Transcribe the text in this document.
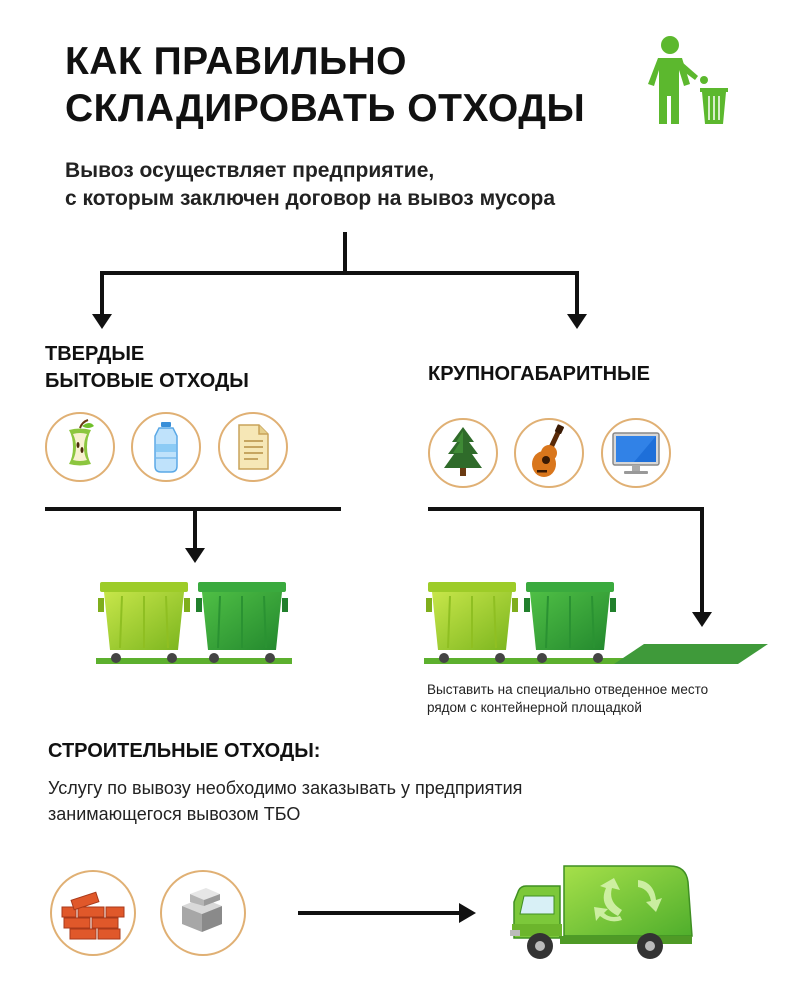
КАК ПРАВИЛЬНО
СКЛАДИРОВАТЬ ОТХОДЫ
Вывоз осуществляет предприятие,
с которым заключен договор на вывоз мусора
ТВЕРДЫЕ
БЫТОВЫЕ ОТХОДЫ	КРУПНОГАБАРИТНЫЕ
Выставить на специально отведенное место
рядом с контейнерной площадкой
СТРОИТЕЛЬНЫЕ ОТХОДЫ:
Услугу по вывозу необходимо заказывать у предприятия
занимающегося вывозом ТБО
